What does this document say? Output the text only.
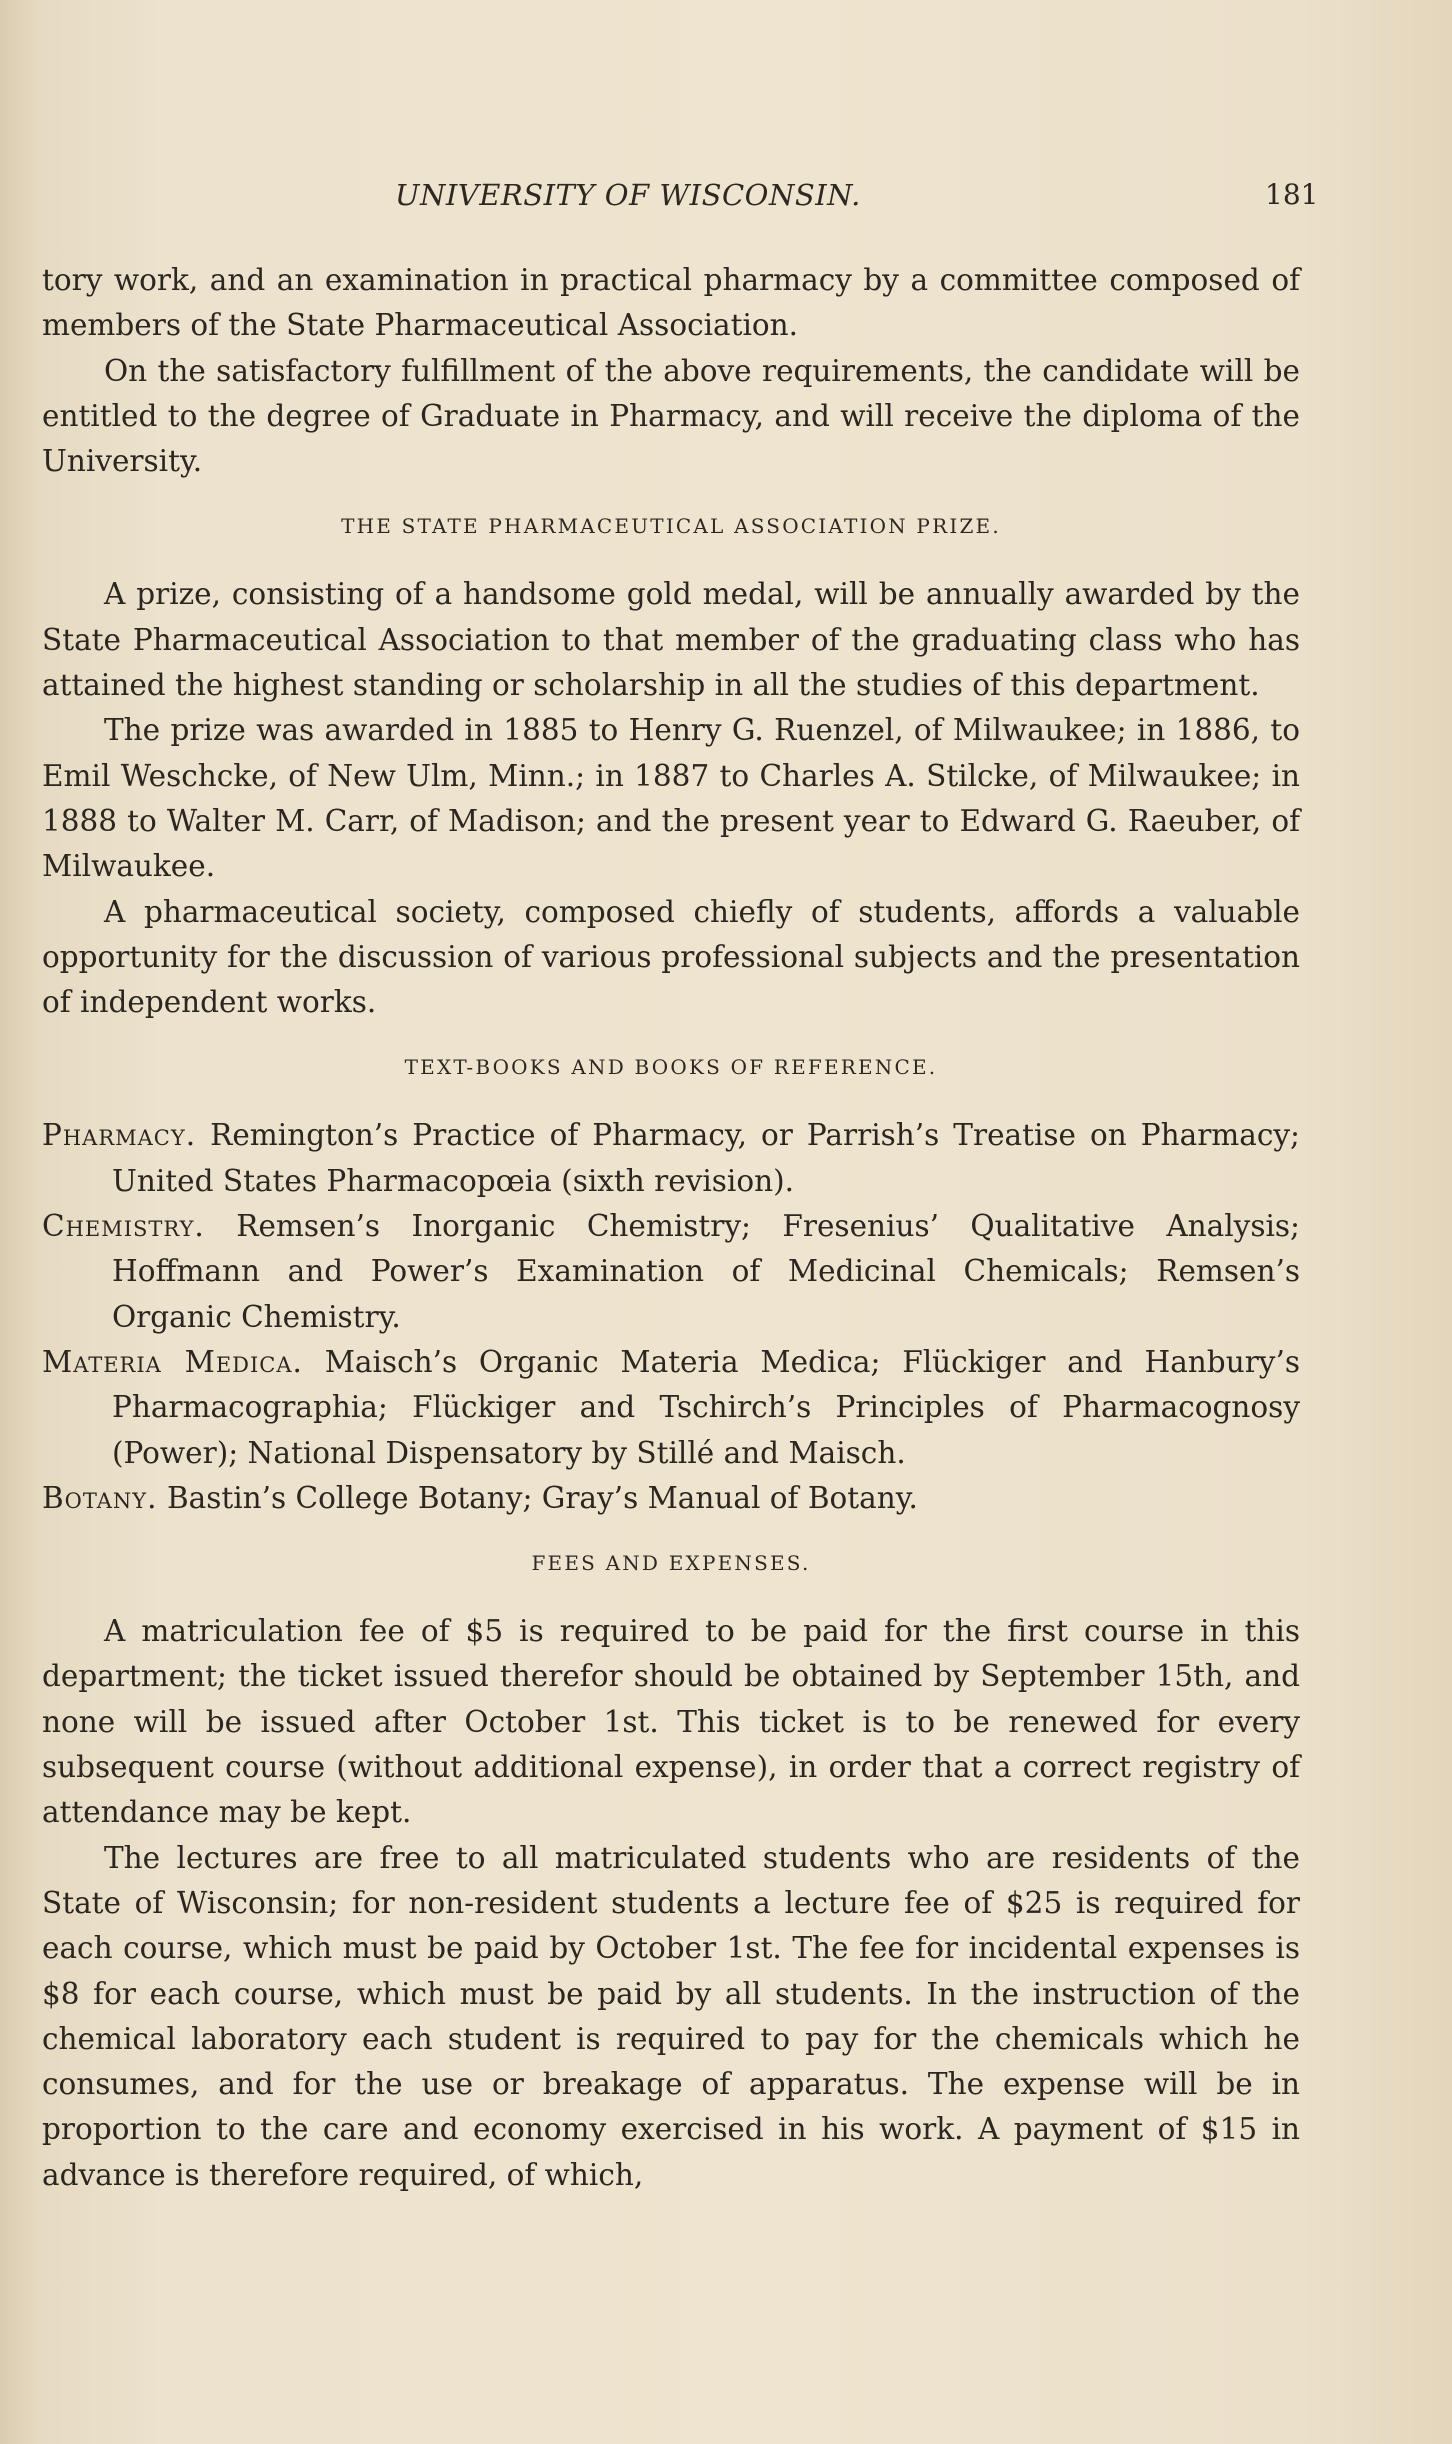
UNIVERSITY OF WISCONSIN.	181

tory work, and an examination in practical pharmacy by a committee composed of members of the State Pharmaceutical Association.

On the satisfactory fulfillment of the above requirements, the candidate will be entitled to the degree of Graduate in Pharmacy, and will receive the diploma of the University.

THE STATE PHARMACEUTICAL ASSOCIATION PRIZE.

A prize, consisting of a handsome gold medal, will be annually awarded by the State Pharmaceutical Association to that member of the graduating class who has attained the highest standing or scholarship in all the studies of this department.

The prize was awarded in 1885 to Henry G. Ruenzel, of Milwaukee; in 1886, to Emil Weschcke, of New Ulm, Minn.; in 1887 to Charles A. Stilcke, of Milwaukee; in 1888 to Walter M. Carr, of Madison; and the present year to Edward G. Raeuber, of Milwaukee.

A pharmaceutical society, composed chiefly of students, affords a valuable opportunity for the discussion of various professional subjects and the presentation of independent works.

TEXT-BOOKS AND BOOKS OF REFERENCE.

Pharmacy. Remington’s Practice of Pharmacy, or Parrish’s Treatise on Pharmacy; United States Pharmacopœia (sixth revision).

Chemistry. Remsen’s Inorganic Chemistry; Fresenius’ Qualitative Analysis; Hoffmann and Power’s Examination of Medicinal Chemicals; Remsen’s Organic Chemistry.

Materia Medica. Maisch’s Organic Materia Medica; Flückiger and Hanbury’s Pharmacographia; Flückiger and Tschirch’s Principles of Pharmacognosy (Power); National Dispensatory by Stillé and Maisch.

Botany. Bastin’s College Botany; Gray’s Manual of Botany.

FEES AND EXPENSES.

A matriculation fee of $5 is required to be paid for the first course in this department; the ticket issued therefor should be obtained by September 15th, and none will be issued after October 1st. This ticket is to be renewed for every subsequent course (without additional expense), in order that a correct registry of attendance may be kept.

The lectures are free to all matriculated students who are residents of the State of Wisconsin; for non-resident students a lecture fee of $25 is required for each course, which must be paid by October 1st. The fee for incidental expenses is $8 for each course, which must be paid by all students. In the instruction of the chemical laboratory each student is required to pay for the chemicals which he consumes, and for the use or breakage of apparatus. The expense will be in proportion to the care and economy exercised in his work. A payment of $15 in advance is therefore required, of which,
